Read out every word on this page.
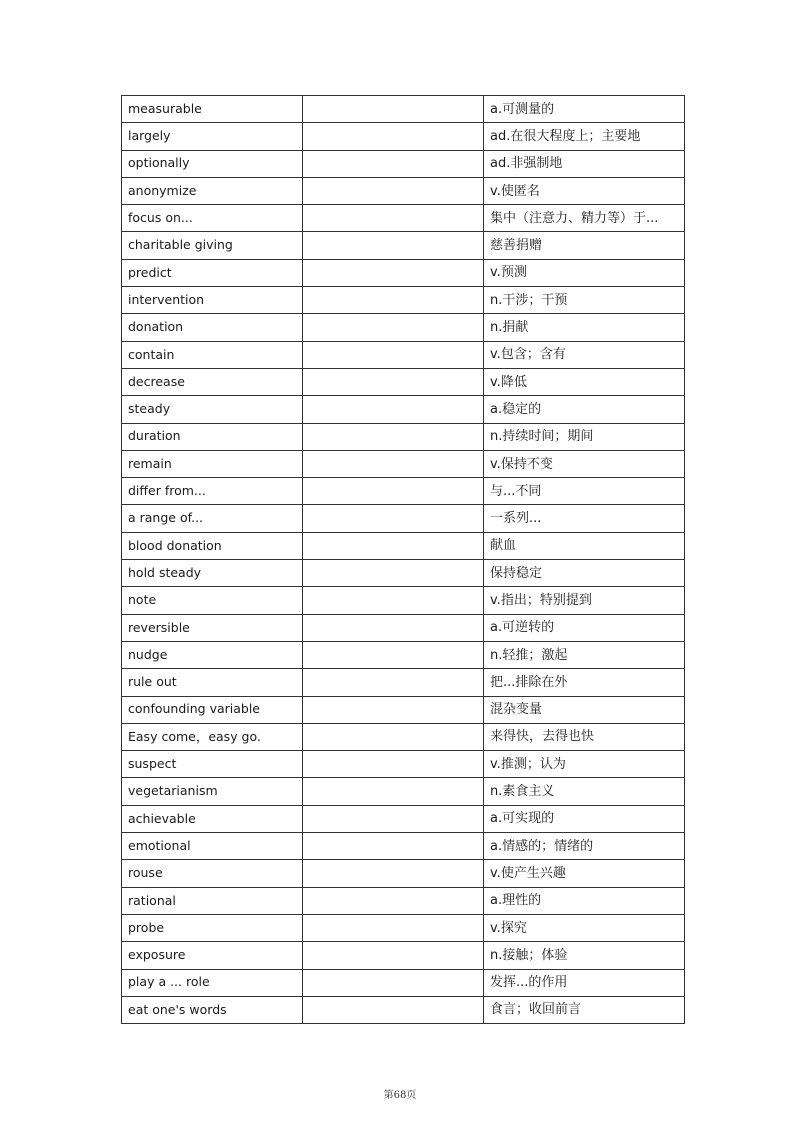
measurable		a.可测量的
largely		ad.在很大程度上；主要地
optionally		ad.非强制地
anonymize		v.使匿名
focus on...		集中（注意力、精力等）于...
charitable giving		慈善捐赠
predict		v.预测
intervention		n.干涉；干预
donation		n.捐献
contain		v.包含；含有
decrease		v.降低
steady		a.稳定的
duration		n.持续时间；期间
remain		v.保持不变
differ from...		与...不同
a range of...		一系列...
blood donation		献血
hold steady		保持稳定
note		v.指出；特别提到
reversible		a.可逆转的
nudge		n.轻推；激起
rule out		把...排除在外
confounding variable		混杂变量
Easy come，easy go.		来得快，去得也快
suspect		v.推测；认为
vegetarianism		n.素食主义
achievable		a.可实现的
emotional		a.情感的；情绪的
rouse		v.使产生兴趣
rational		a.理性的
probe		v.探究
exposure		n.接触；体验
play a ... role		发挥...的作用
eat one's words		食言；收回前言
第68页
